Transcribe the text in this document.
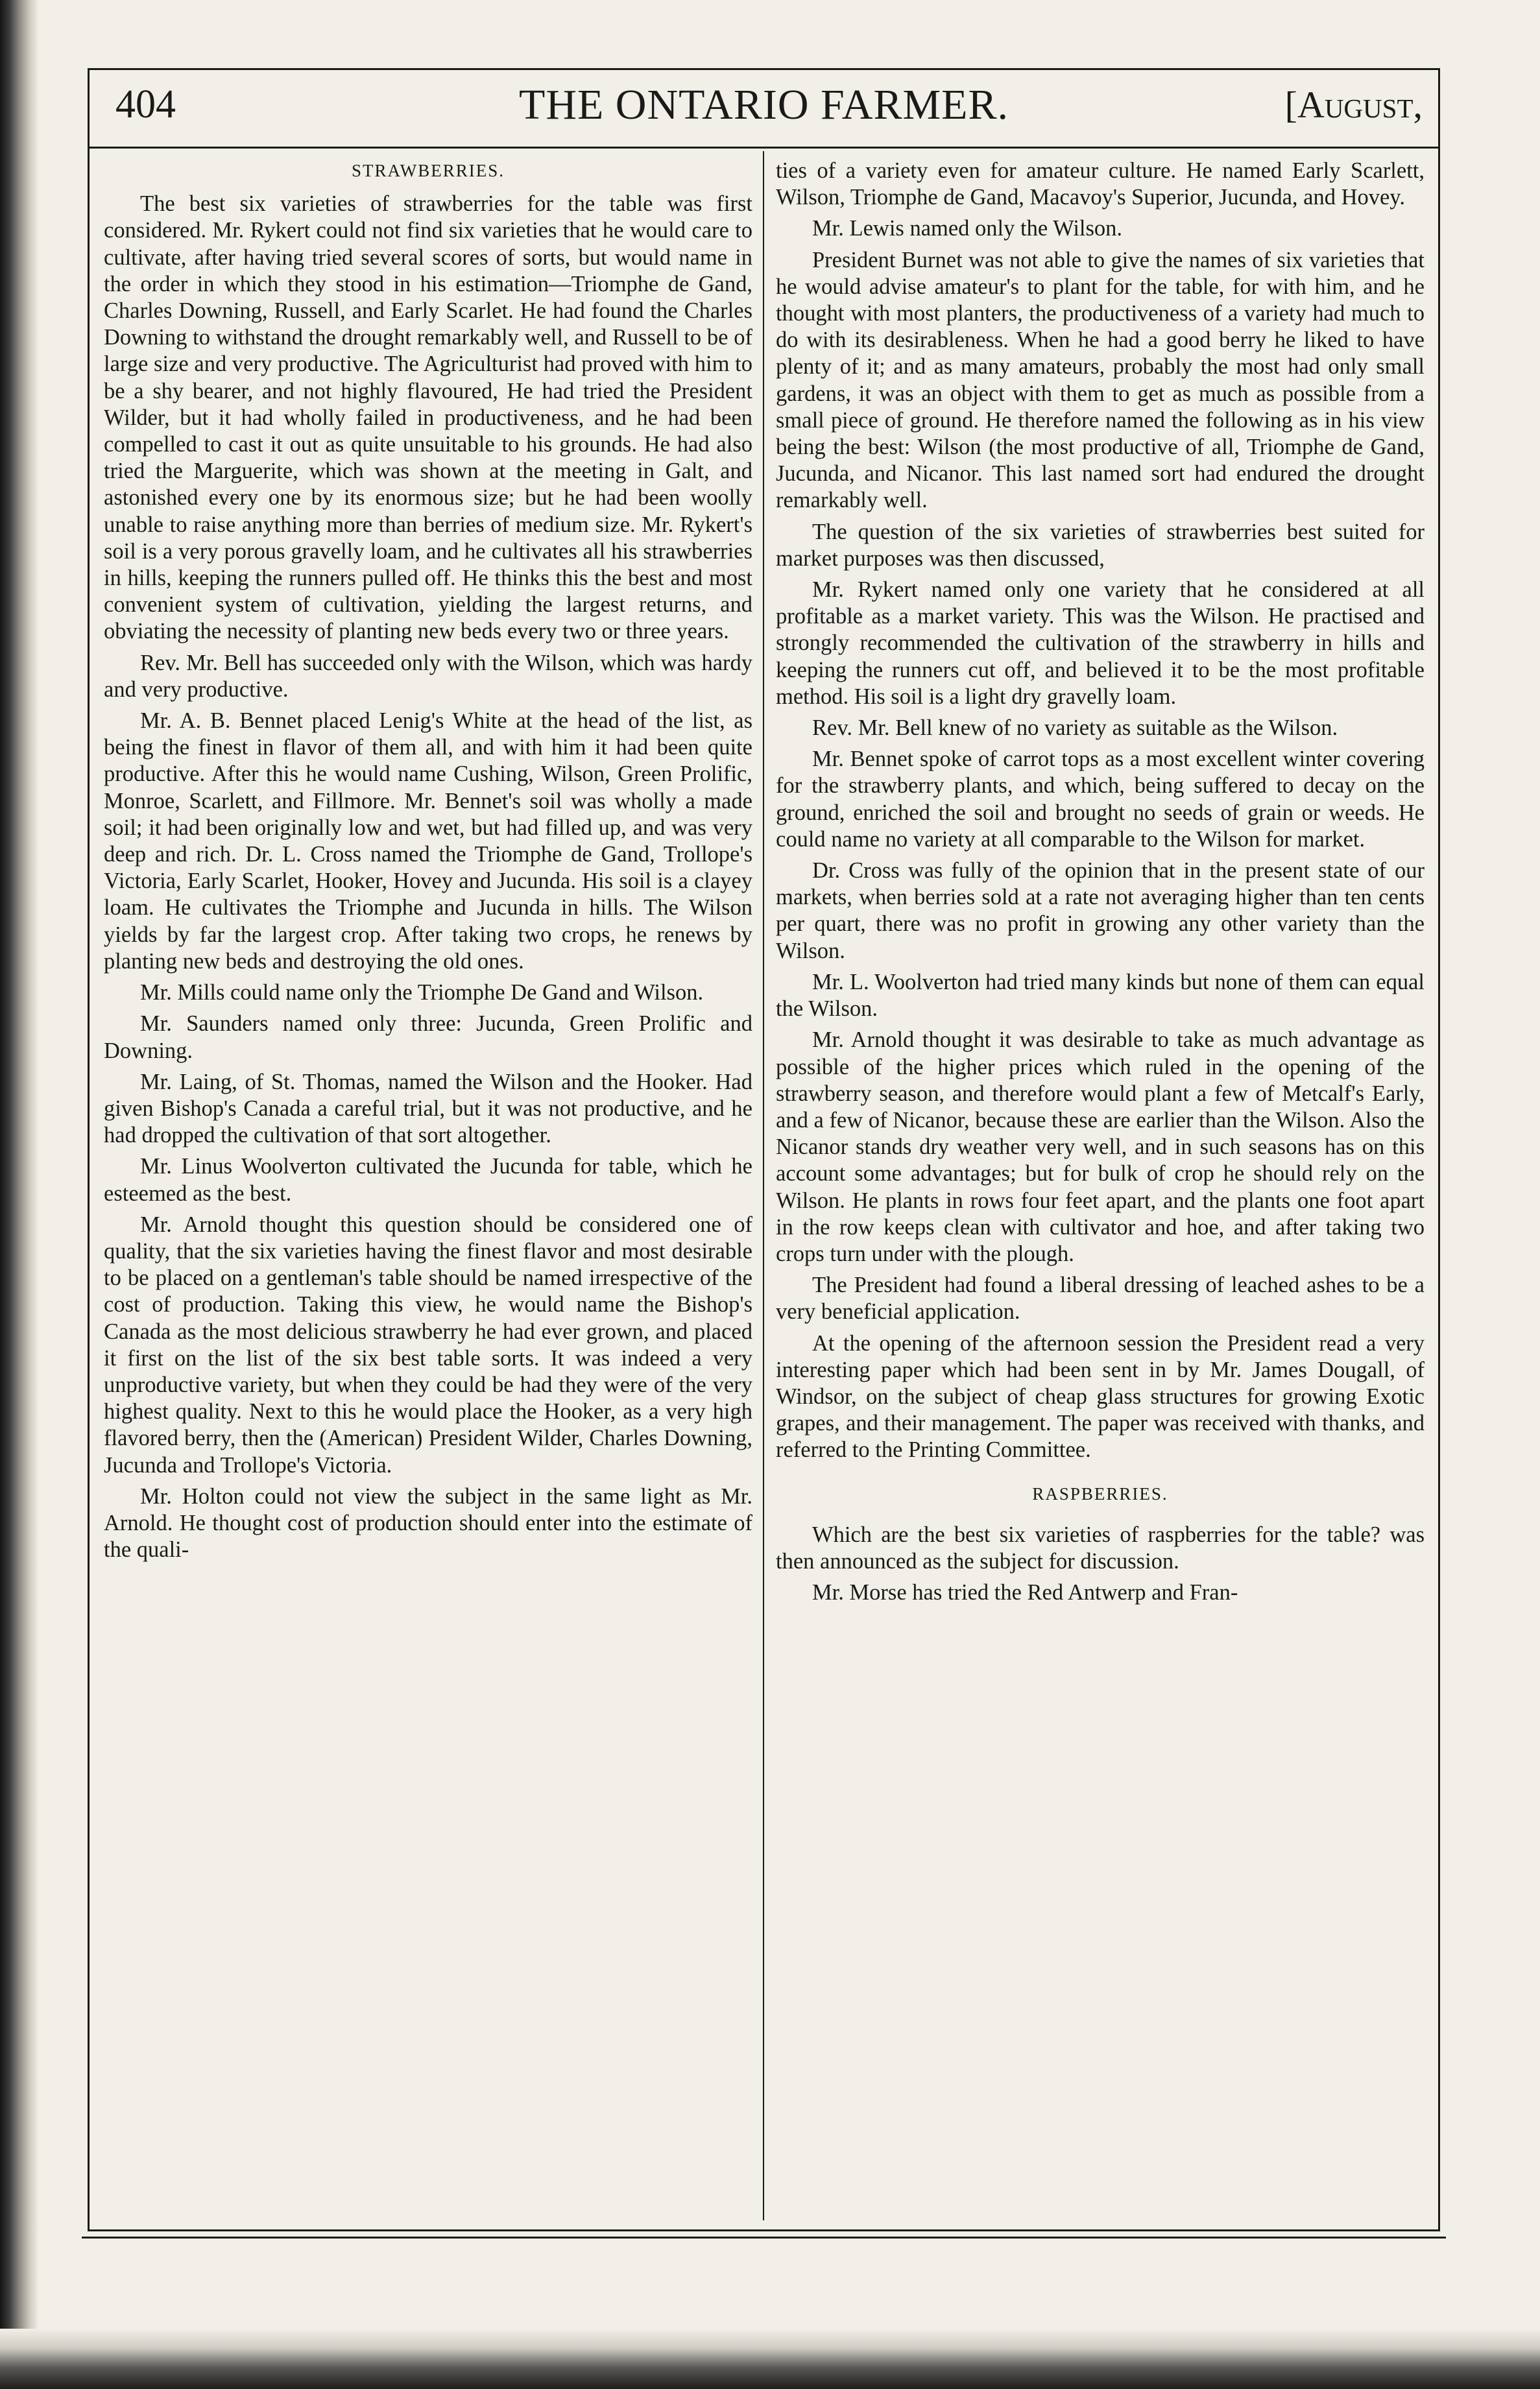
404	THE ONTARIO FARMER.	[August,
STRAWBERRIES.

The best six varieties of strawberries for the table was first considered. Mr. Rykert could not find six varieties that he would care to cultivate, after having tried several scores of sorts, but would name in the order in which they stood in his estimation—Triomphe de Gand, Charles Downing, Russell, and Early Scarlet. He had found the Charles Downing to withstand the drought remarkably well, and Russell to be of large size and very productive. The Agriculturist had proved with him to be a shy bearer, and not highly flavoured, He had tried the President Wilder, but it had wholly failed in productiveness, and he had been compelled to cast it out as quite unsuitable to his grounds. He had also tried the Marguerite, which was shown at the meeting in Galt, and astonished every one by its enormous size; but he had been woolly unable to raise anything more than berries of medium size. Mr. Rykert's soil is a very porous gravelly loam, and he cultivates all his strawberries in hills, keeping the runners pulled off. He thinks this the best and most convenient system of cultivation, yielding the largest returns, and obviating the necessity of planting new beds every two or three years.

Rev. Mr. Bell has succeeded only with the Wilson, which was hardy and very productive.

Mr. A. B. Bennet placed Lenig's White at the head of the list, as being the finest in flavor of them all, and with him it had been quite productive. After this he would name Cushing, Wilson, Green Prolific, Monroe, Scarlett, and Fillmore. Mr. Bennet's soil was wholly a made soil; it had been originally low and wet, but had filled up, and was very deep and rich. Dr. L. Cross named the Triomphe de Gand, Trollope's Victoria, Early Scarlet, Hooker, Hovey and Jucunda. His soil is a clayey loam. He cultivates the Triomphe and Jucunda in hills. The Wilson yields by far the largest crop. After taking two crops, he renews by planting new beds and destroying the old ones.

Mr. Mills could name only the Triomphe De Gand and Wilson.

Mr. Saunders named only three: Jucunda, Green Prolific and Downing.

Mr. Laing, of St. Thomas, named the Wilson and the Hooker. Had given Bishop's Canada a careful trial, but it was not productive, and he had dropped the cultivation of that sort altogether.

Mr. Linus Woolverton cultivated the Jucunda for table, which he esteemed as the best.

Mr. Arnold thought this question should be considered one of quality, that the six varieties having the finest flavor and most desirable to be placed on a gentleman's table should be named irrespective of the cost of production. Taking this view, he would name the Bishop's Canada as the most delicious strawberry he had ever grown, and placed it first on the list of the six best table sorts. It was indeed a very unproductive variety, but when they could be had they were of the very highest quality. Next to this he would place the Hooker, as a very high flavored berry, then the (American) President Wilder, Charles Downing, Jucunda and Trollope's Victoria.

Mr. Holton could not view the subject in the same light as Mr. Arnold. He thought cost of production should enter into the estimate of the quali-

ties of a variety even for amateur culture. He named Early Scarlett, Wilson, Triomphe de Gand, Macavoy's Superior, Jucunda, and Hovey.

Mr. Lewis named only the Wilson.

President Burnet was not able to give the names of six varieties that he would advise amateur's to plant for the table, for with him, and he thought with most planters, the productiveness of a variety had much to do with its desirableness. When he had a good berry he liked to have plenty of it; and as many amateurs, probably the most had only small gardens, it was an object with them to get as much as possible from a small piece of ground. He therefore named the following as in his view being the best: Wilson (the most productive of all, Triomphe de Gand, Jucunda, and Nicanor. This last named sort had endured the drought remarkably well.

The question of the six varieties of strawberries best suited for market purposes was then discussed,

Mr. Rykert named only one variety that he considered at all profitable as a market variety. This was the Wilson. He practised and strongly recommended the cultivation of the strawberry in hills and keeping the runners cut off, and believed it to be the most profitable method. His soil is a light dry gravelly loam.

Rev. Mr. Bell knew of no variety as suitable as the Wilson.

Mr. Bennet spoke of carrot tops as a most excellent winter covering for the strawberry plants, and which, being suffered to decay on the ground, enriched the soil and brought no seeds of grain or weeds. He could name no variety at all comparable to the Wilson for market.

Dr. Cross was fully of the opinion that in the present state of our markets, when berries sold at a rate not averaging higher than ten cents per quart, there was no profit in growing any other variety than the Wilson.

Mr. L. Woolverton had tried many kinds but none of them can equal the Wilson.

Mr. Arnold thought it was desirable to take as much advantage as possible of the higher prices which ruled in the opening of the strawberry season, and therefore would plant a few of Metcalf's Early, and a few of Nicanor, because these are earlier than the Wilson. Also the Nicanor stands dry weather very well, and in such seasons has on this account some advantages; but for bulk of crop he should rely on the Wilson. He plants in rows four feet apart, and the plants one foot apart in the row keeps clean with cultivator and hoe, and after taking two crops turn under with the plough.

The President had found a liberal dressing of leached ashes to be a very beneficial application.

At the opening of the afternoon session the President read a very interesting paper which had been sent in by Mr. James Dougall, of Windsor, on the subject of cheap glass structures for growing Exotic grapes, and their management. The paper was received with thanks, and referred to the Printing Committee.

RASPBERRIES.

Which are the best six varieties of raspberries for the table? was then announced as the subject for discussion.

Mr. Morse has tried the Red Antwerp and Fran-
